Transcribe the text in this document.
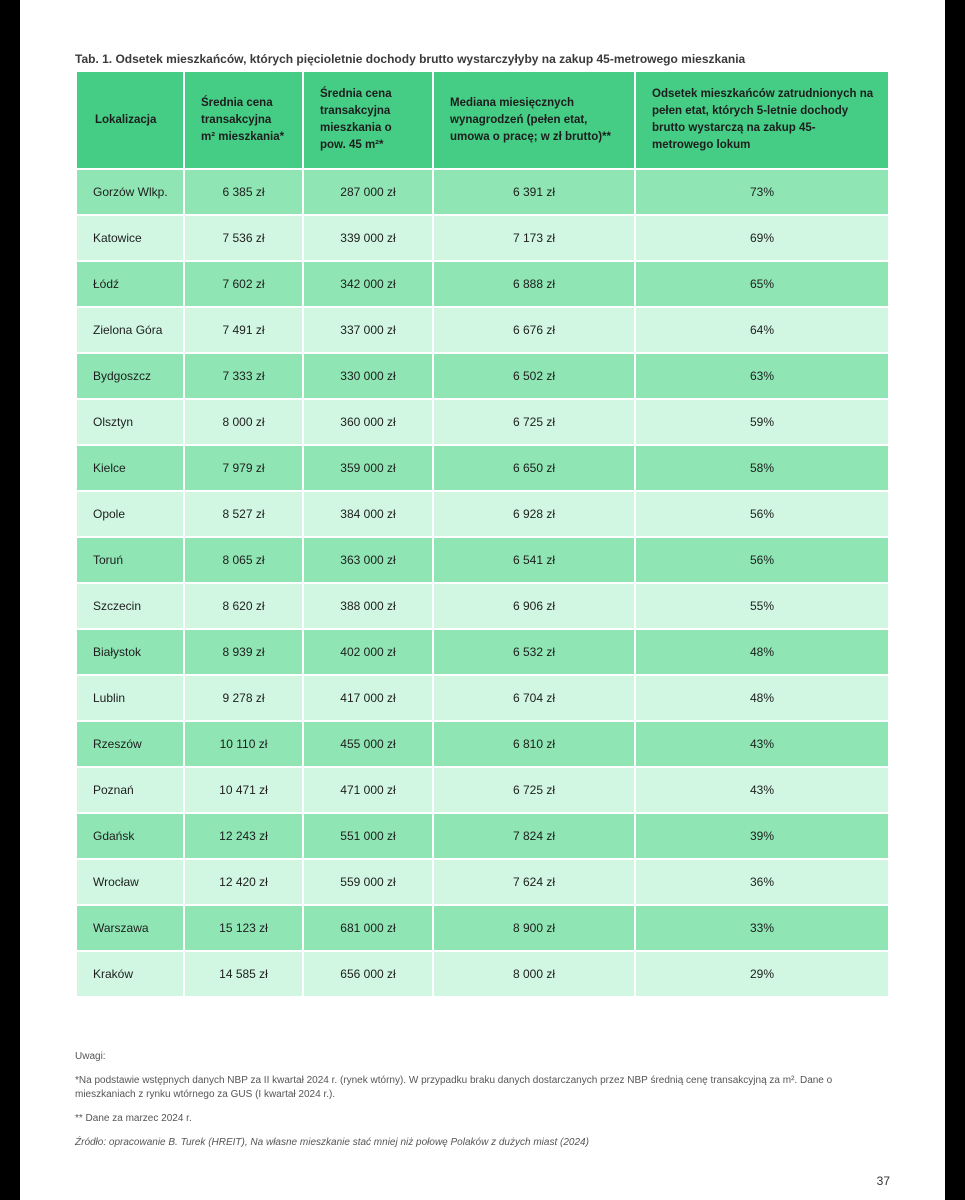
Tab. 1. Odsetek mieszkańców, których pięcioletnie dochody brutto wystarczyłyby na zakup 45-metrowego mieszkania
Lokalizacja	Średnia cena transakcyjna m² mieszkania*	Średnia cena transakcyjna mieszkania o pow. 45 m²*	Mediana miesięcznych wynagrodzeń (pełen etat, umowa o pracę; w zł brutto)**	Odsetek mieszkańców zatrudnionych na pełen etat, których 5-letnie dochody brutto wystarczą na zakup 45-metrowego lokum
Gorzów Wlkp.	6 385 zł	287 000 zł	6 391 zł	73%
Katowice	7 536 zł	339 000 zł	7 173 zł	69%
Łódź	7 602 zł	342 000 zł	6 888 zł	65%
Zielona Góra	7 491 zł	337 000 zł	6 676 zł	64%
Bydgoszcz	7 333 zł	330 000 zł	6 502 zł	63%
Olsztyn	8 000 zł	360 000 zł	6 725 zł	59%
Kielce	7 979 zł	359 000 zł	6 650 zł	58%
Opole	8 527 zł	384 000 zł	6 928 zł	56%
Toruń	8 065 zł	363 000 zł	6 541 zł	56%
Szczecin	8 620 zł	388 000 zł	6 906 zł	55%
Białystok	8 939 zł	402 000 zł	6 532 zł	48%
Lublin	9 278 zł	417 000 zł	6 704 zł	48%
Rzeszów	10 110 zł	455 000 zł	6 810 zł	43%
Poznań	10 471 zł	471 000 zł	6 725 zł	43%
Gdańsk	12 243 zł	551 000 zł	7 824 zł	39%
Wrocław	12 420 zł	559 000 zł	7 624 zł	36%
Warszawa	15 123 zł	681 000 zł	8 900 zł	33%
Kraków	14 585 zł	656 000 zł	8 000 zł	29%

Uwagi:

*Na podstawie wstępnych danych NBP za II kwartał 2024 r. (rynek wtórny). W przypadku braku danych dostarczanych przez NBP średnią cenę transakcyjną za m². Dane o mieszkaniach z rynku wtórnego za GUS (I kwartał 2024 r.).

** Dane za marzec 2024 r.

Źródło: opracowanie B. Turek (HREIT), Na własne mieszkanie stać mniej niż połowę Polaków z dużych miast (2024)

37
